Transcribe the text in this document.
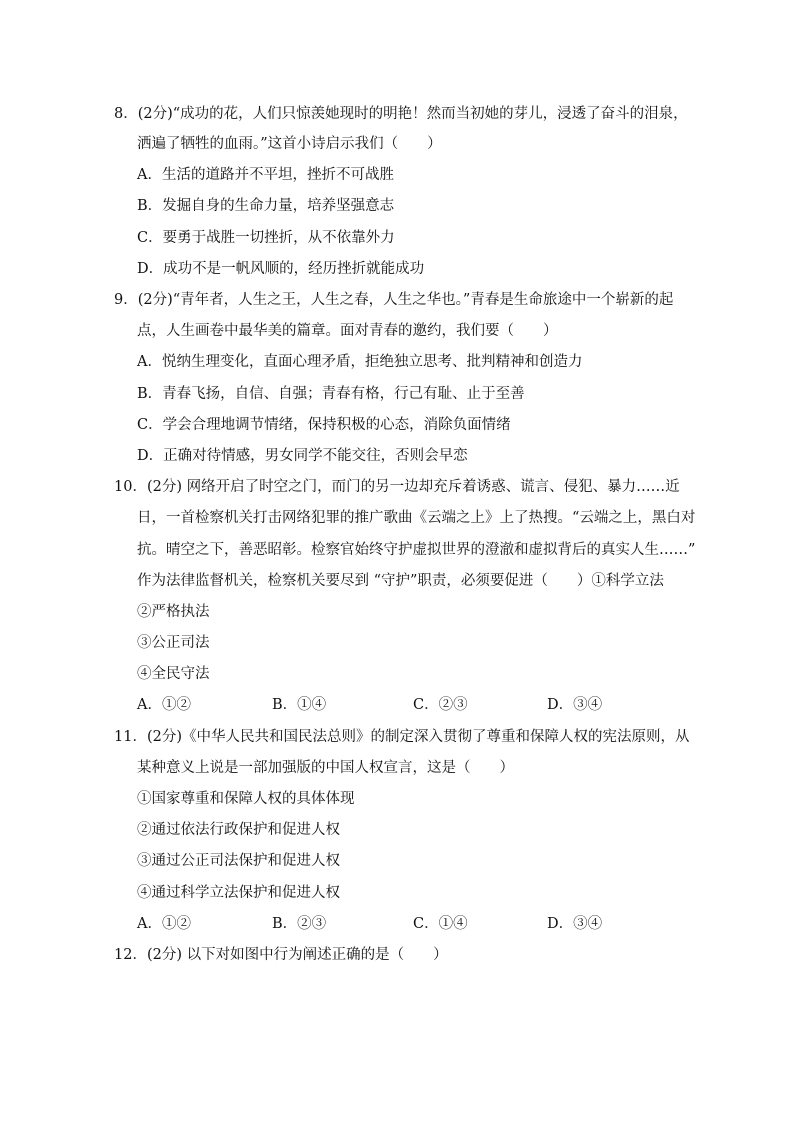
8．(2分)“成功的花，人们只惊羡她现时的明艳！然而当初她的芽儿，浸透了奋斗的泪泉，
洒遍了牺牲的血雨。”这首小诗启示我们（　　）
A．生活的道路并不平坦，挫折不可战胜
B．发掘自身的生命力量，培养坚强意志
C．要勇于战胜一切挫折，从不依靠外力
D．成功不是一帆风顺的，经历挫折就能成功
9．(2分)“青年者，人生之王，人生之春，人生之华也。”青春是生命旅途中一个崭新的起
点，人生画卷中最华美的篇章。面对青春的邀约，我们要（　　）
A．悦纳生理变化，直面心理矛盾，拒绝独立思考、批判精神和创造力
B．青春飞扬，自信、自强；青春有格，行己有耻、止于至善
C．学会合理地调节情绪，保持积极的心态，消除负面情绪
D．正确对待情感，男女同学不能交往，否则会早恋
10．(2分) 网络开启了时空之门，而门的另一边却充斥着诱惑、谎言、侵犯、暴力……近
日，一首检察机关打击网络犯罪的推广歌曲《云端之上》上了热搜。“云端之上，黑白对
抗。晴空之下，善恶昭彰。检察官始终守护虚拟世界的澄澈和虚拟背后的真实人生……”
作为法律监督机关，检察机关要尽到 “守护”职责，必须要促进（　　）①科学立法
②严格执法
③公正司法
④全民守法
A．①②	B．①④	C．②③	D．③④
11．(2分)《中华人民共和国民法总则》的制定深入贯彻了尊重和保障人权的宪法原则，从
某种意义上说是一部加强版的中国人权宣言，这是（　　）
①国家尊重和保障人权的具体体现
②通过依法行政保护和促进人权
③通过公正司法保护和促进人权
④通过科学立法保护和促进人权
A．①②	B．②③	C．①④	D．③④
12．(2分) 以下对如图中行为阐述正确的是（　　）
